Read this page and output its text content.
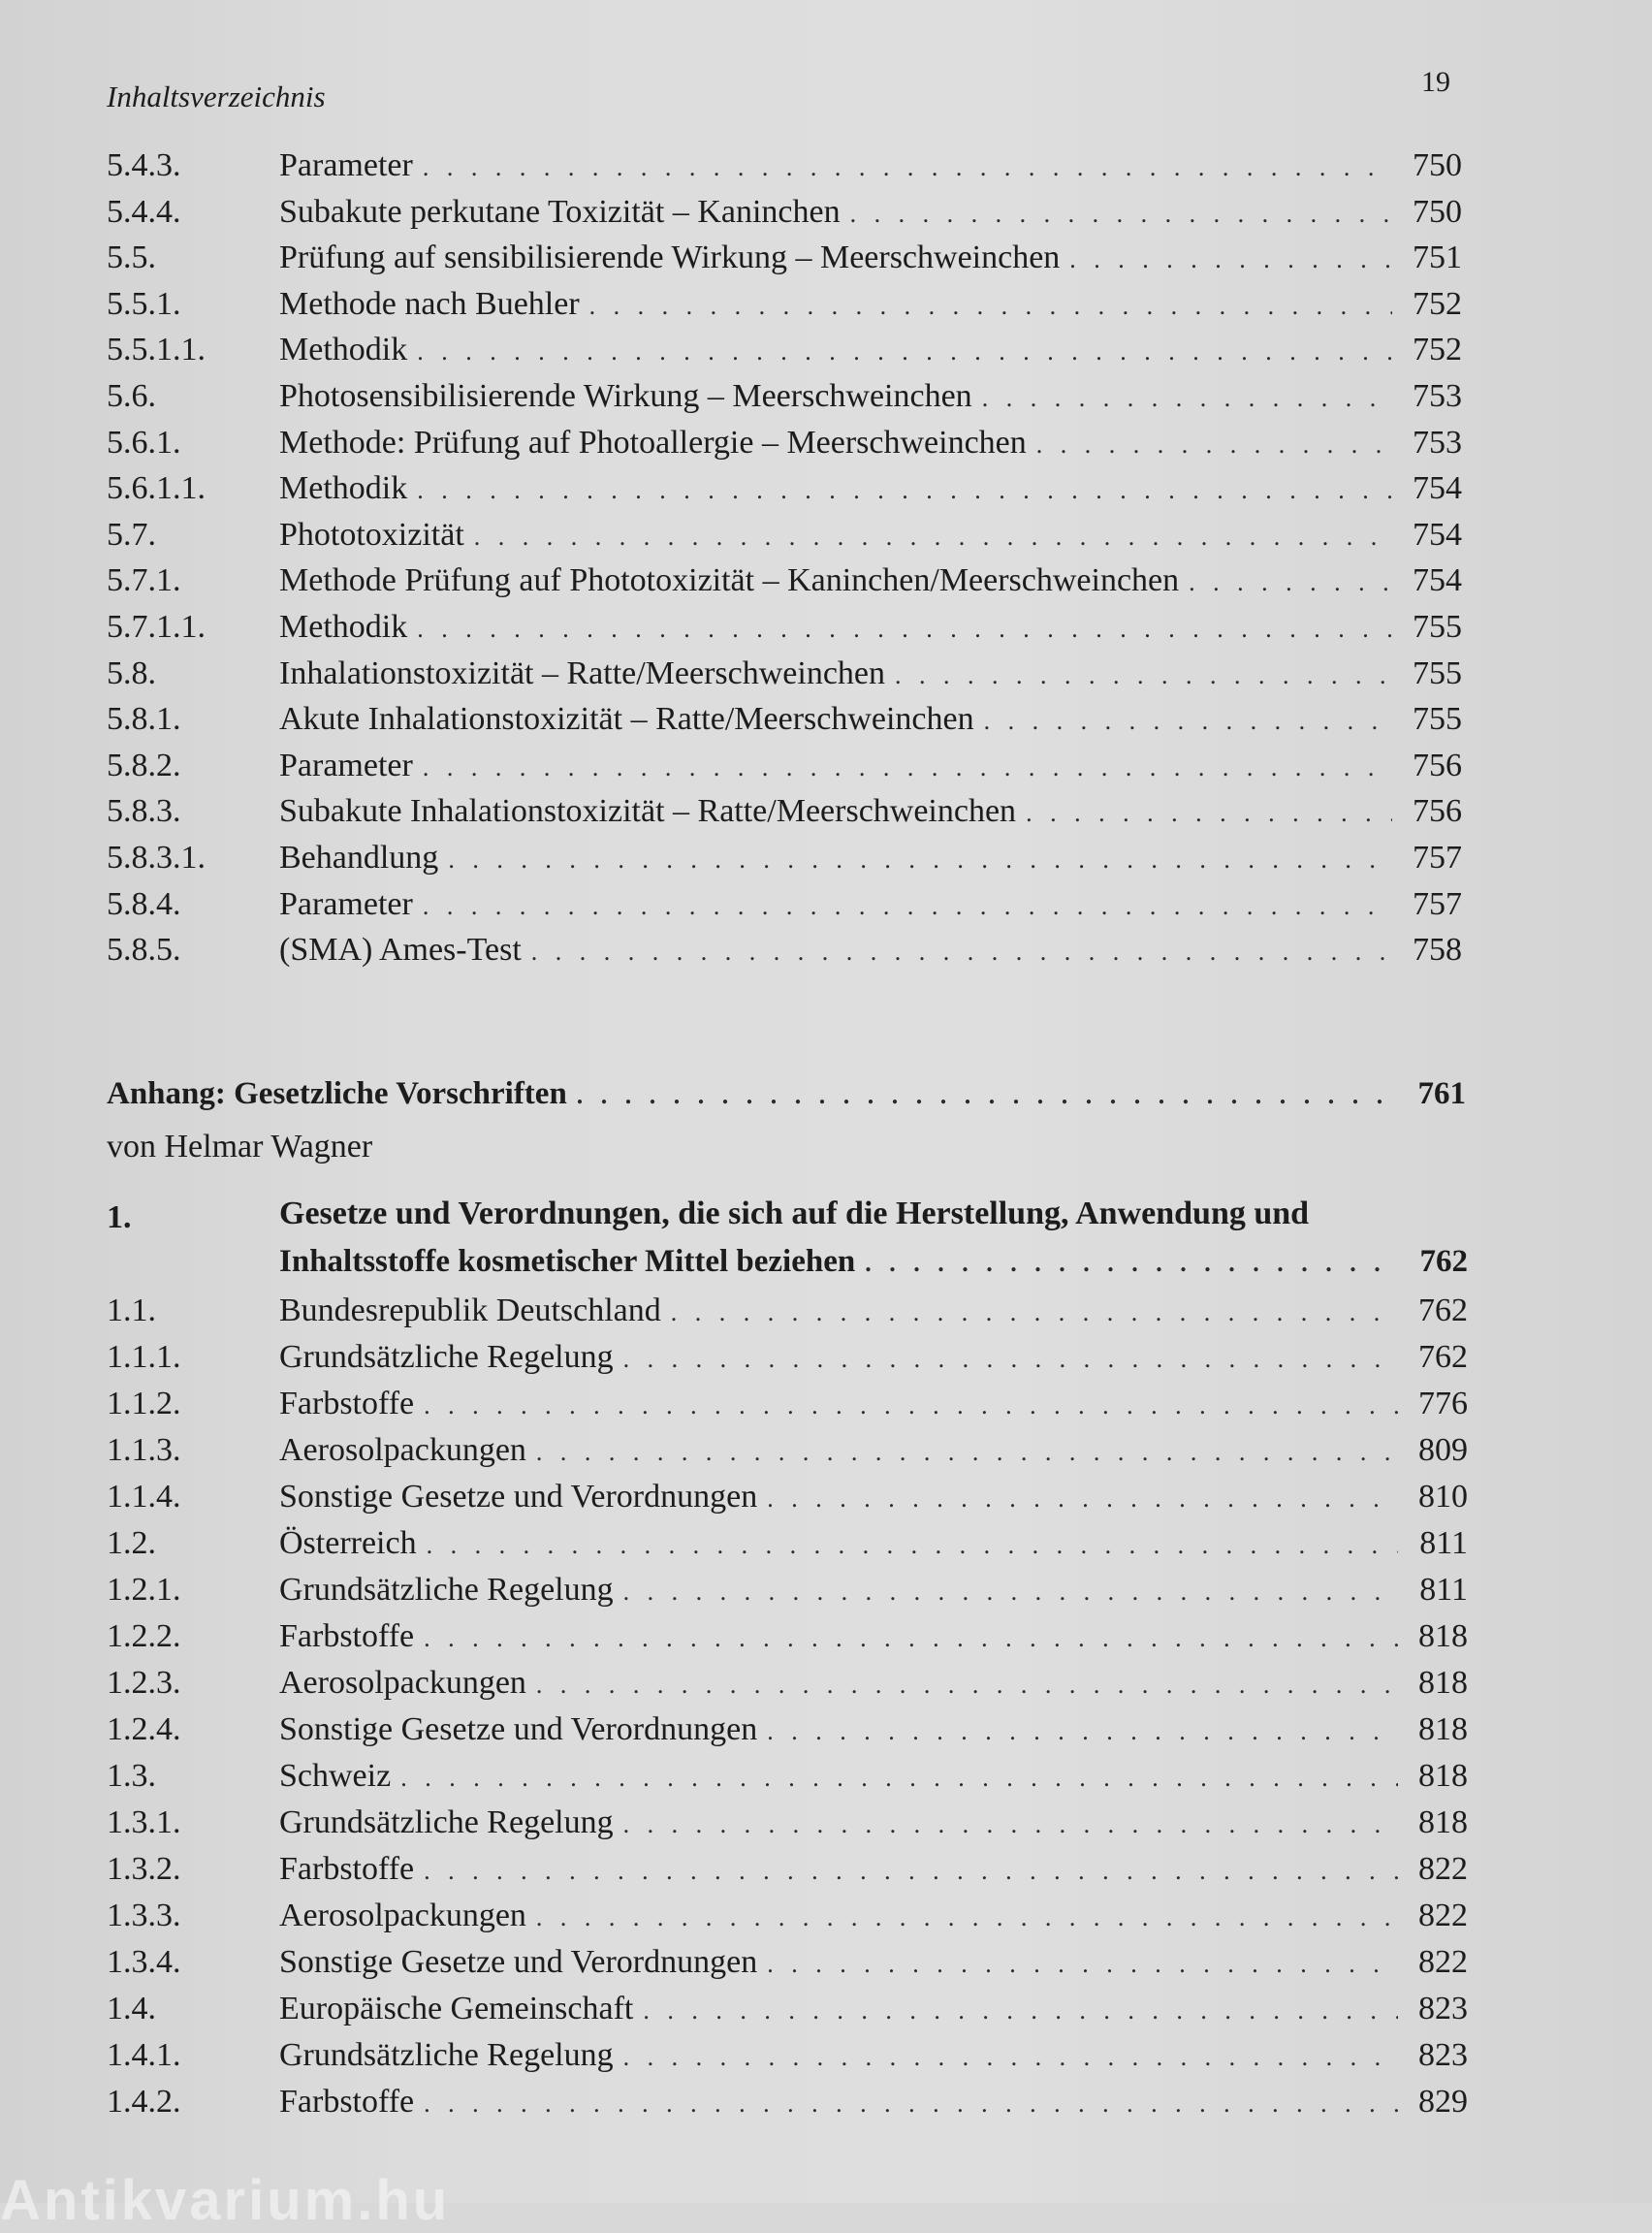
Inhaltsverzeichnis	19
5.4.3.	Parameter . . .	750
5.4.4.	Subakute perkutane Toxizität – Kaninchen . . .	750
5.5.	Prüfung auf sensibilisierende Wirkung – Meerschweinchen . . .	751
5.5.1.	Methode nach Buehler . . .	752
5.5.1.1.	Methodik . . .	752
5.6.	Photosensibilisierende Wirkung – Meerschweinchen . . .	753
5.6.1.	Methode: Prüfung auf Photoallergie – Meerschweinchen . . .	753
5.6.1.1.	Methodik . . .	754
5.7.	Phototoxizität . . .	754
5.7.1.	Methode Prüfung auf Phototoxizität – Kaninchen/Meerschweinchen . . .	754
5.7.1.1.	Methodik . . .	755
5.8.	Inhalationstoxizität – Ratte/Meerschweinchen . . .	755
5.8.1.	Akute Inhalationstoxizität – Ratte/Meerschweinchen . . .	755
5.8.2.	Parameter . . .	756
5.8.3.	Subakute Inhalationstoxizität – Ratte/Meerschweinchen . . .	756
5.8.3.1.	Behandlung . . .	757
5.8.4.	Parameter . . .	757
5.8.5.	(SMA) Ames-Test . . .	758
Anhang: Gesetzliche Vorschriften . . .	761
von Helmar Wagner
1.	Gesetze und Verordnungen, die sich auf die Herstellung, Anwendung und
Inhaltsstoffe kosmetischer Mittel beziehen . . .	762
1.1.	Bundesrepublik Deutschland . . .	762
1.1.1.	Grundsätzliche Regelung . . .	762
1.1.2.	Farbstoffe . . .	776
1.1.3.	Aerosolpackungen . . .	809
1.1.4.	Sonstige Gesetze und Verordnungen . . .	810
1.2.	Österreich . . .	811
1.2.1.	Grundsätzliche Regelung . . .	811
1.2.2.	Farbstoffe . . .	818
1.2.3.	Aerosolpackungen . . .	818
1.2.4.	Sonstige Gesetze und Verordnungen . . .	818
1.3.	Schweiz . . .	818
1.3.1.	Grundsätzliche Regelung . . .	818
1.3.2.	Farbstoffe . . .	822
1.3.3.	Aerosolpackungen . . .	822
1.3.4.	Sonstige Gesetze und Verordnungen . . .	822
1.4.	Europäische Gemeinschaft . . .	823
1.4.1.	Grundsätzliche Regelung . . .	823
1.4.2.	Farbstoffe . . .	829
Antikvarium.hu
